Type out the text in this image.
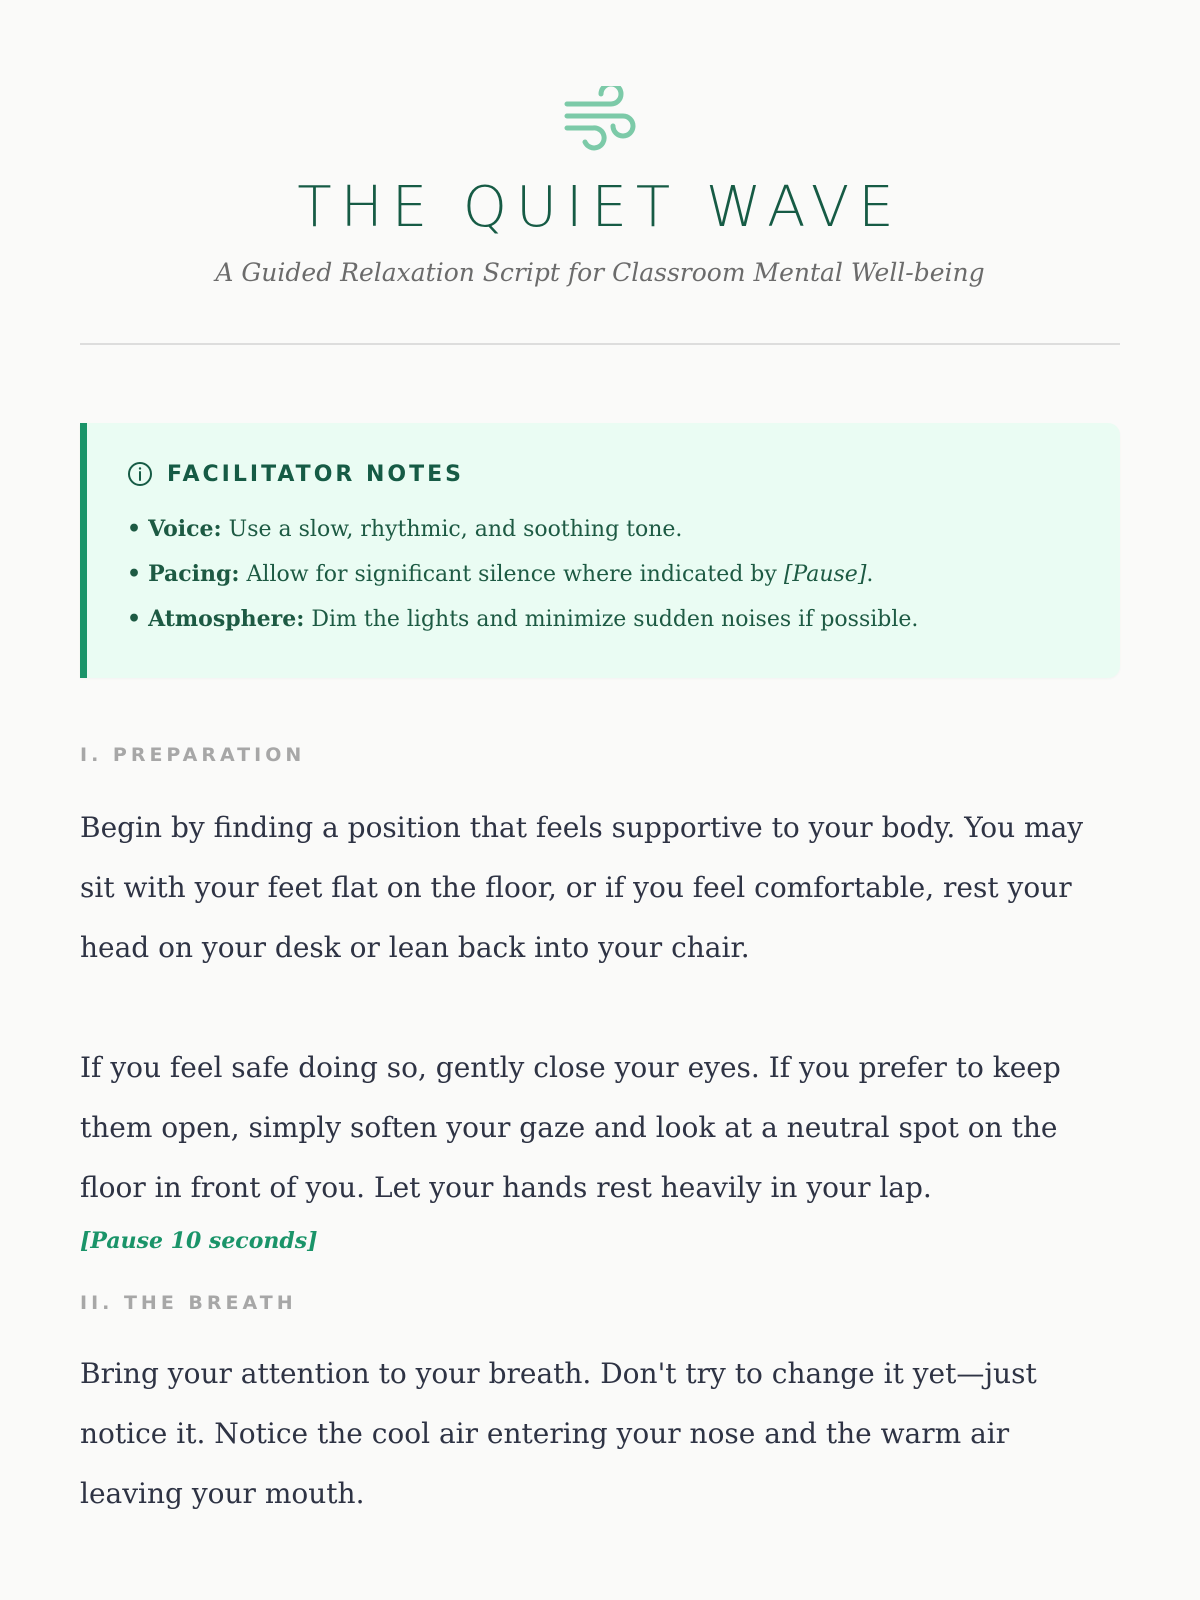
THE QUIET WAVE
A Guided Relaxation Script for Classroom Mental Well-being
FACILITATOR NOTES
• Voice: Use a slow, rhythmic, and soothing tone.
• Pacing: Allow for significant silence where indicated by [Pause].
• Atmosphere: Dim the lights and minimize sudden noises if possible.
I. PREPARATION

Begin by finding a position that feels supportive to your body. You may sit with your feet flat on the floor, or if you feel comfortable, rest your head on your desk or lean back into your chair.

If you feel safe doing so, gently close your eyes. If you prefer to keep them open, simply soften your gaze and look at a neutral spot on the floor in front of you. Let your hands rest heavily in your lap.

[Pause 10 seconds]
II. THE BREATH

Bring your attention to your breath. Don't try to change it yet—just notice it. Notice the cool air entering your nose and the warm air leaving your mouth.
